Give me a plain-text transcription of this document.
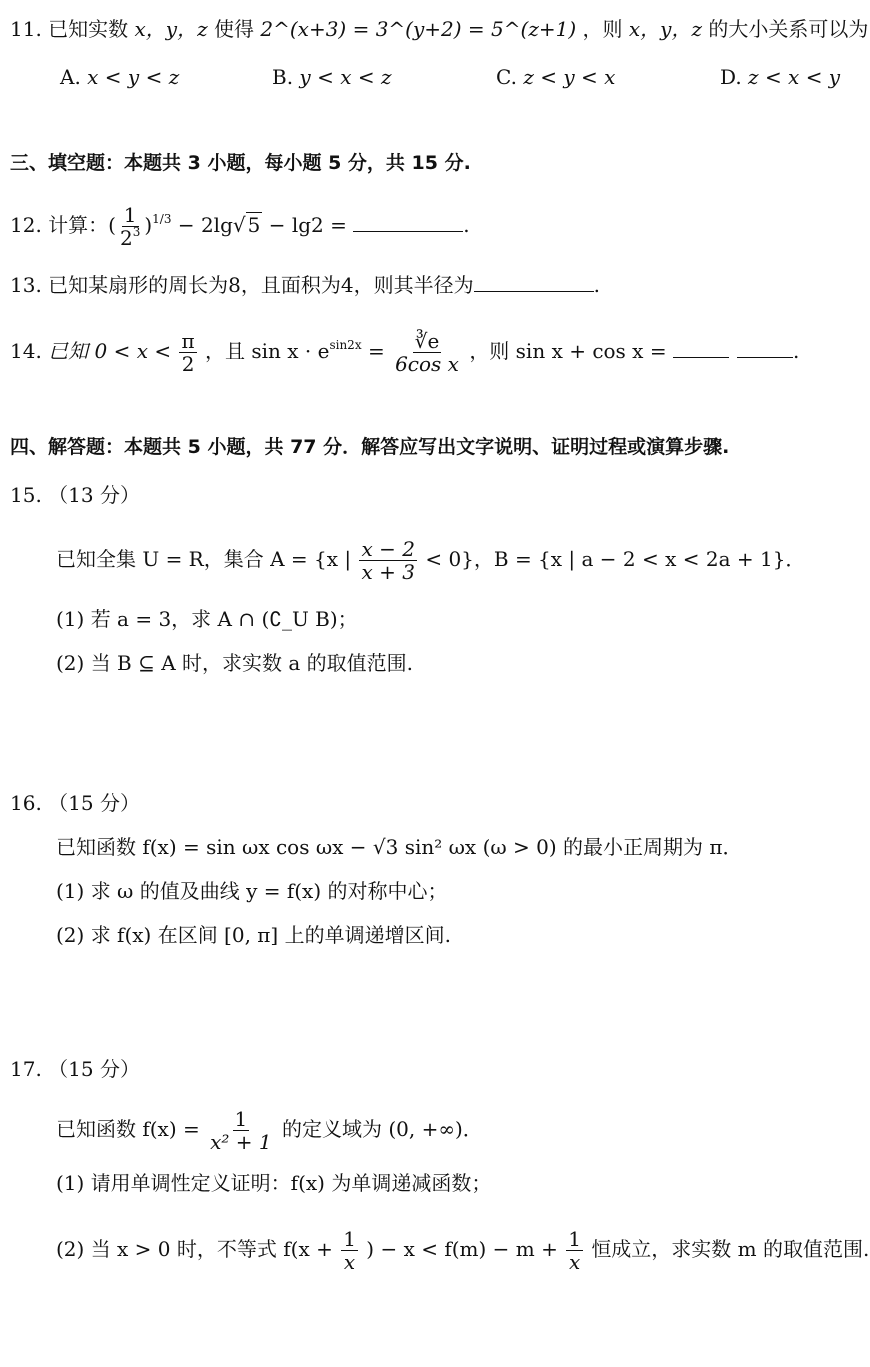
11. 已知实数 x，y，z 使得 2^(x+3) = 3^(y+2) = 5^(z+1) ，则 x，y，z 的大小关系可以为
A. x < y < z	B. y < x < z	C. z < y < x	D. z < x < y
三、填空题：本题共 3 小题，每小题 5 分，共 15 分.
12. 计算：( $\frac{1}{2^3} )^{1/3} - 2\lg√$ 5 − lg2 =	.
13. 已知某扇形的周长为8，且面积为4，则其半径为	.
14. 已知 $0 < x < \frac{\pi}{2}$ ，且 $\sin x \cdot e^{sin2x} = \frac{∛e}{\text{6cos x}}$ ，则 sin x + cos x =	.
四、解答题：本题共 5 小题，共 77 分．解答应写出文字说明、证明过程或演算步骤.
15. （13 分）
已知全集 U = R，集合 A = {x | $\frac{x - 2}{x + 3} < 0$}，B = {x | a − 2 < x < 2a + 1}．
(1) 若 a = 3，求 A ∩ (∁_U B)；
(2) 当 B ⊆ A 时，求实数 a 的取值范围.
16. （15 分）
已知函数 f(x) = sin ωx cos ωx − √3 sin² ωx (ω > 0) 的最小正周期为 π．
(1) 求 ω 的值及曲线 y = f(x) 的对称中心；
(2) 求 f(x) 在区间 [0, π] 上的单调递增区间.
17. （15 分）
已知函数 $f(x) = \frac{1}{\text{x² + 1}}$ 的定义域为 (0, +∞)．
(1) 请用单调性定义证明：f(x) 为单调递减函数；
(2) 当 x > 0 时，不等式 $f(x + \frac{1}{x}$ ) − $x < f(m) - m + \frac{1}{x}$ 恒成立，求实数 m 的取值范围.
